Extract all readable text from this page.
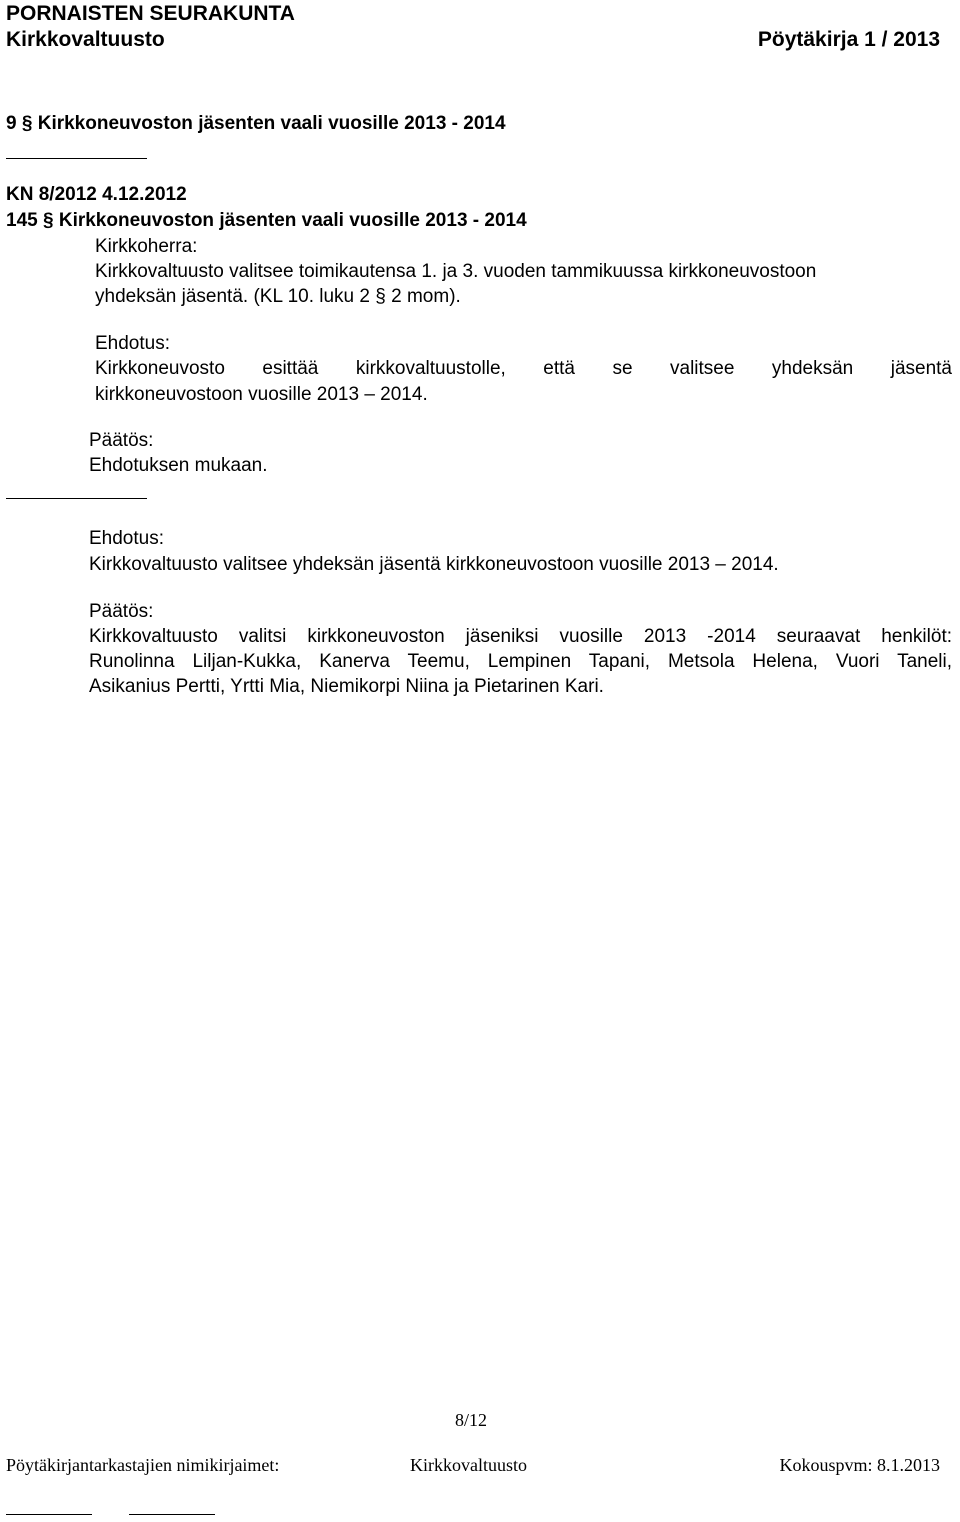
PORNAISTEN SEURAKUNTA
Kirkkovaltuusto	Pöytäkirja 1 / 2013
9 § Kirkkoneuvoston jäsenten vaali vuosille 2013 - 2014
KN 8/2012 4.12.2012
145 § Kirkkoneuvoston jäsenten vaali vuosille 2013 - 2014
Kirkkoherra:
Kirkkovaltuusto valitsee toimikautensa 1. ja 3. vuoden tammikuussa kirkkoneuvostoon
yhdeksän jäsentä. (KL 10. luku 2 § 2 mom).
Ehdotus:
Kirkkoneuvosto esittää kirkkovaltuustolle, että se valitsee yhdeksän jäsentä
kirkkoneuvostoon vuosille 2013 – 2014.
Päätös:
Ehdotuksen mukaan.
Ehdotus:
Kirkkovaltuusto valitsee yhdeksän jäsentä kirkkoneuvostoon vuosille 2013 – 2014.
Päätös:
Kirkkovaltuusto valitsi kirkkoneuvoston jäseniksi vuosille 2013 -2014 seuraavat henkilöt:
Runolinna Liljan-Kukka, Kanerva Teemu, Lempinen Tapani, Metsola Helena, Vuori Taneli,
Asikanius Pertti, Yrtti Mia, Niemikorpi Niina ja Pietarinen Kari.
8/12
Pöytäkirjantarkastajien nimikirjaimet:	Kirkkovaltuusto	Kokouspvm: 8.1.2013
